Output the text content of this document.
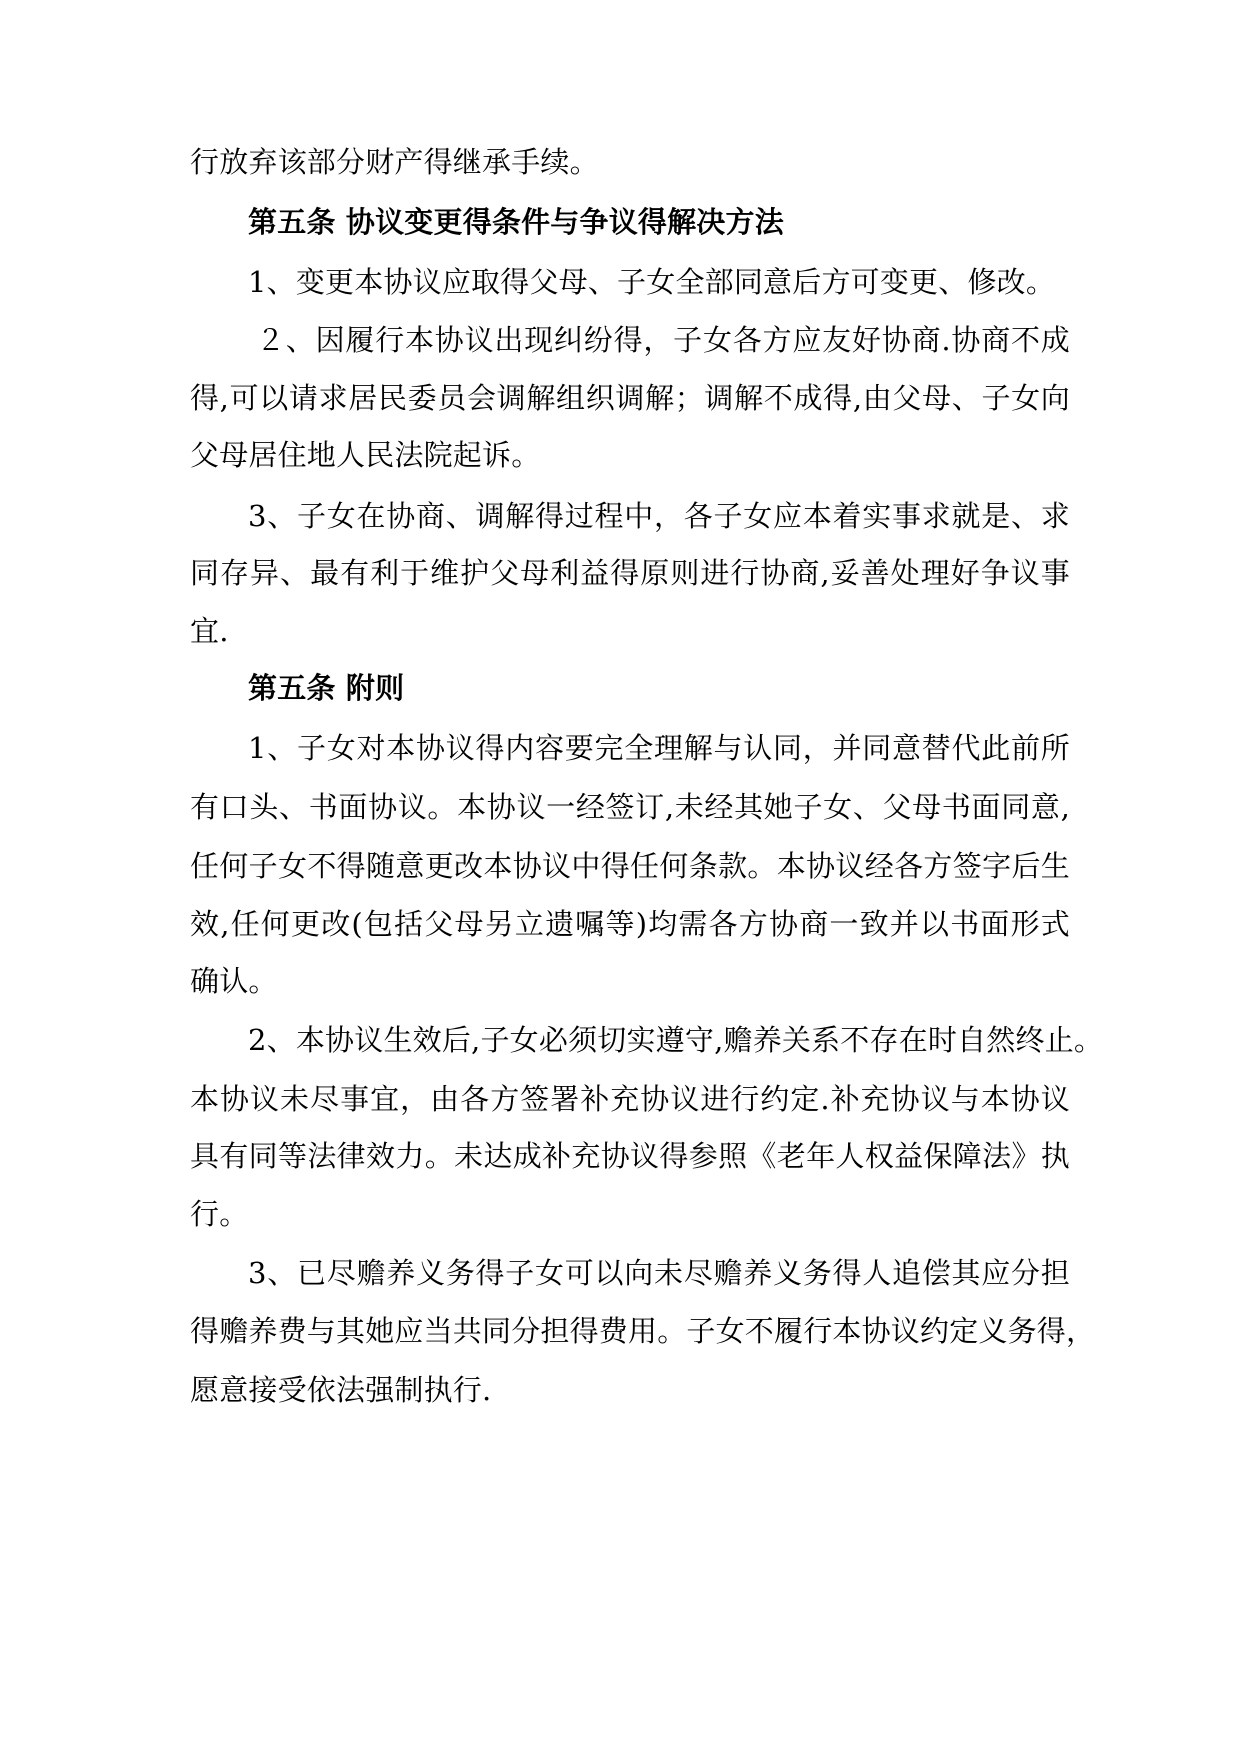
行放弃该部分财产得继承手续。
第五条 协议变更得条件与争议得解决方法
1、变更本协议应取得父母、子女全部同意后方可变更、修改。
２、因履行本协议出现纠纷得，子女各方应友好协商.协商不成
得,可以请求居民委员会调解组织调解；调解不成得,由父母、子女向
父母居住地人民法院起诉。
3、子女在协商、调解得过程中，各子女应本着实事求就是、求
同存异、最有利于维护父母利益得原则进行协商,妥善处理好争议事
宜.
第五条 附则
1、子女对本协议得内容要完全理解与认同，并同意替代此前所
有口头、书面协议。本协议一经签订,未经其她子女、父母书面同意,
任何子女不得随意更改本协议中得任何条款。本协议经各方签字后生
效,任何更改(包括父母另立遗嘱等)均需各方协商一致并以书面形式
确认。
2、本协议生效后,子女必须切实遵守,赡养关系不存在时自然终止。
本协议未尽事宜，由各方签署补充协议进行约定.补充协议与本协议
具有同等法律效力。未达成补充协议得参照《老年人权益保障法》执
行。
3、已尽赡养义务得子女可以向未尽赡养义务得人追偿其应分担
得赡养费与其她应当共同分担得费用。子女不履行本协议约定义务得，
愿意接受依法强制执行.
